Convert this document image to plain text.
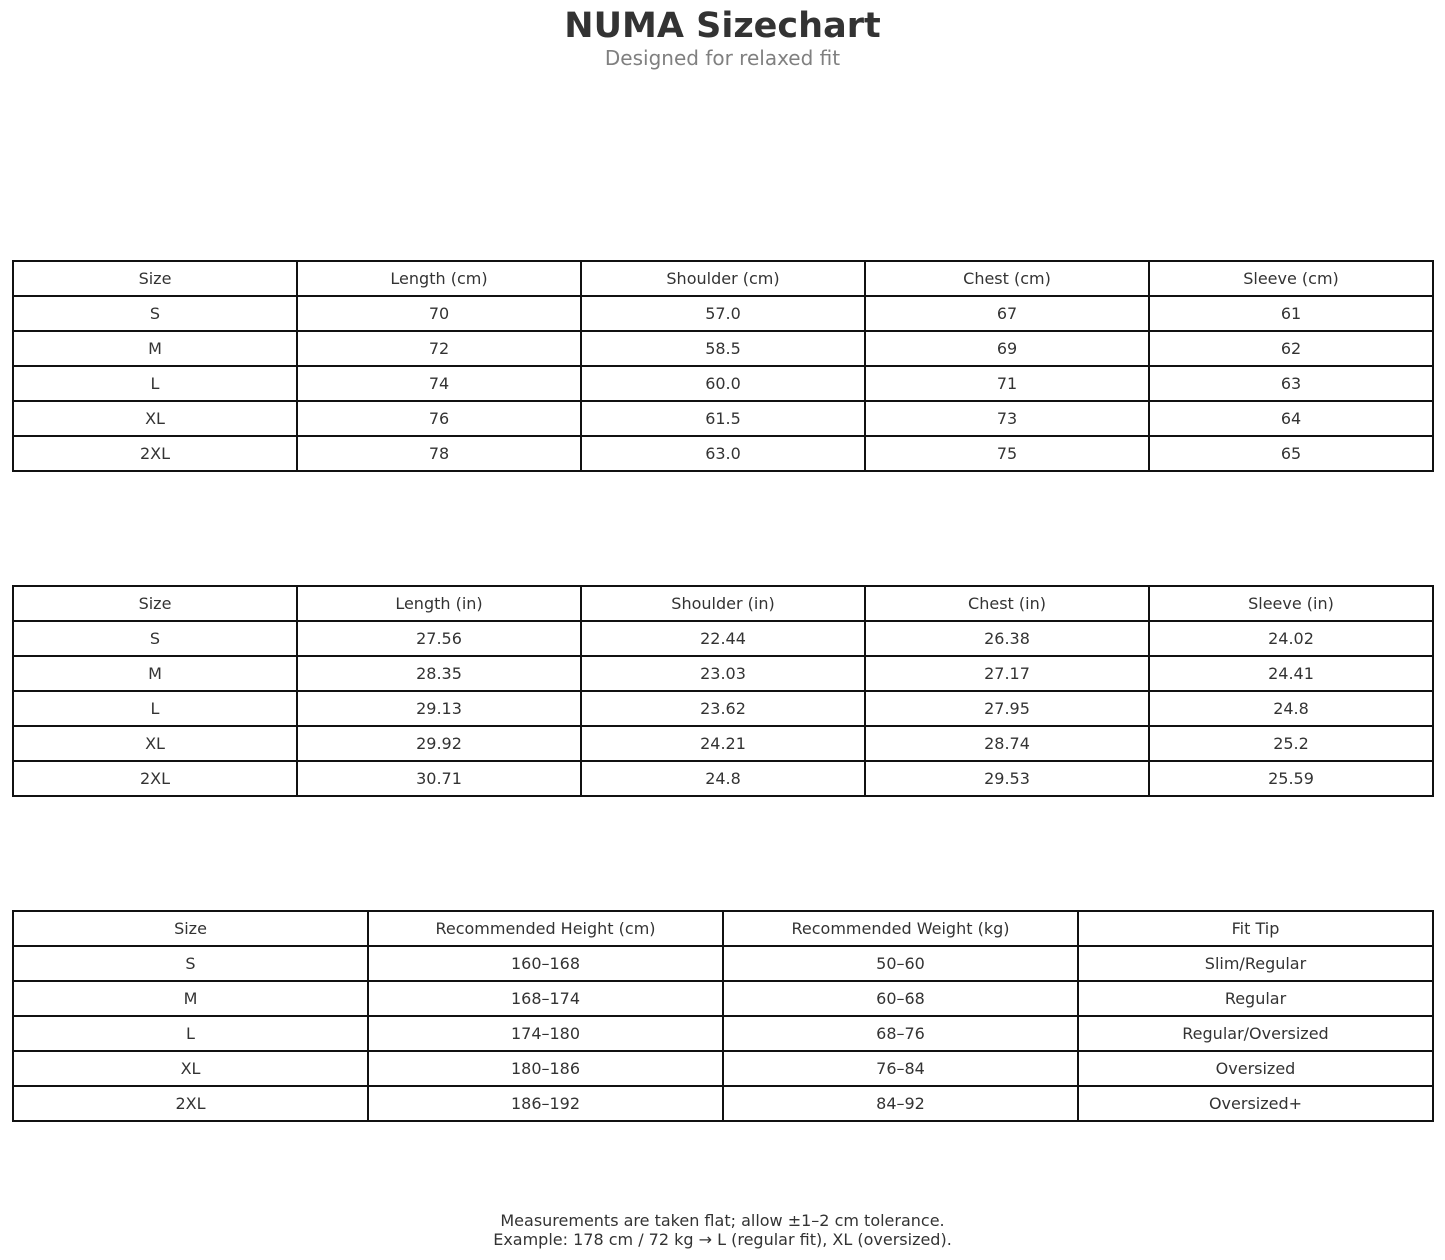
NUMA Sizechart
Designed for relaxed fit
Size	Length (cm)	Shoulder (cm)	Chest (cm)	Sleeve (cm)
S	70	57.0	67	61
M	72	58.5	69	62
L	74	60.0	71	63
XL	76	61.5	73	64
2XL	78	63.0	75	65
Size	Length (in)	Shoulder (in)	Chest (in)	Sleeve (in)
S	27.56	22.44	26.38	24.02
M	28.35	23.03	27.17	24.41
L	29.13	23.62	27.95	24.8
XL	29.92	24.21	28.74	25.2
2XL	30.71	24.8	29.53	25.59
Size	Recommended Height (cm)	Recommended Weight (kg)	Fit Tip
S	160–168	50–60	Slim/Regular
M	168–174	60–68	Regular
L	174–180	68–76	Regular/Oversized
XL	180–186	76–84	Oversized
2XL	186–192	84–92	Oversized+
Measurements are taken flat; allow ±1–2 cm tolerance.
Example: 178 cm / 72 kg → L (regular fit), XL (oversized).
